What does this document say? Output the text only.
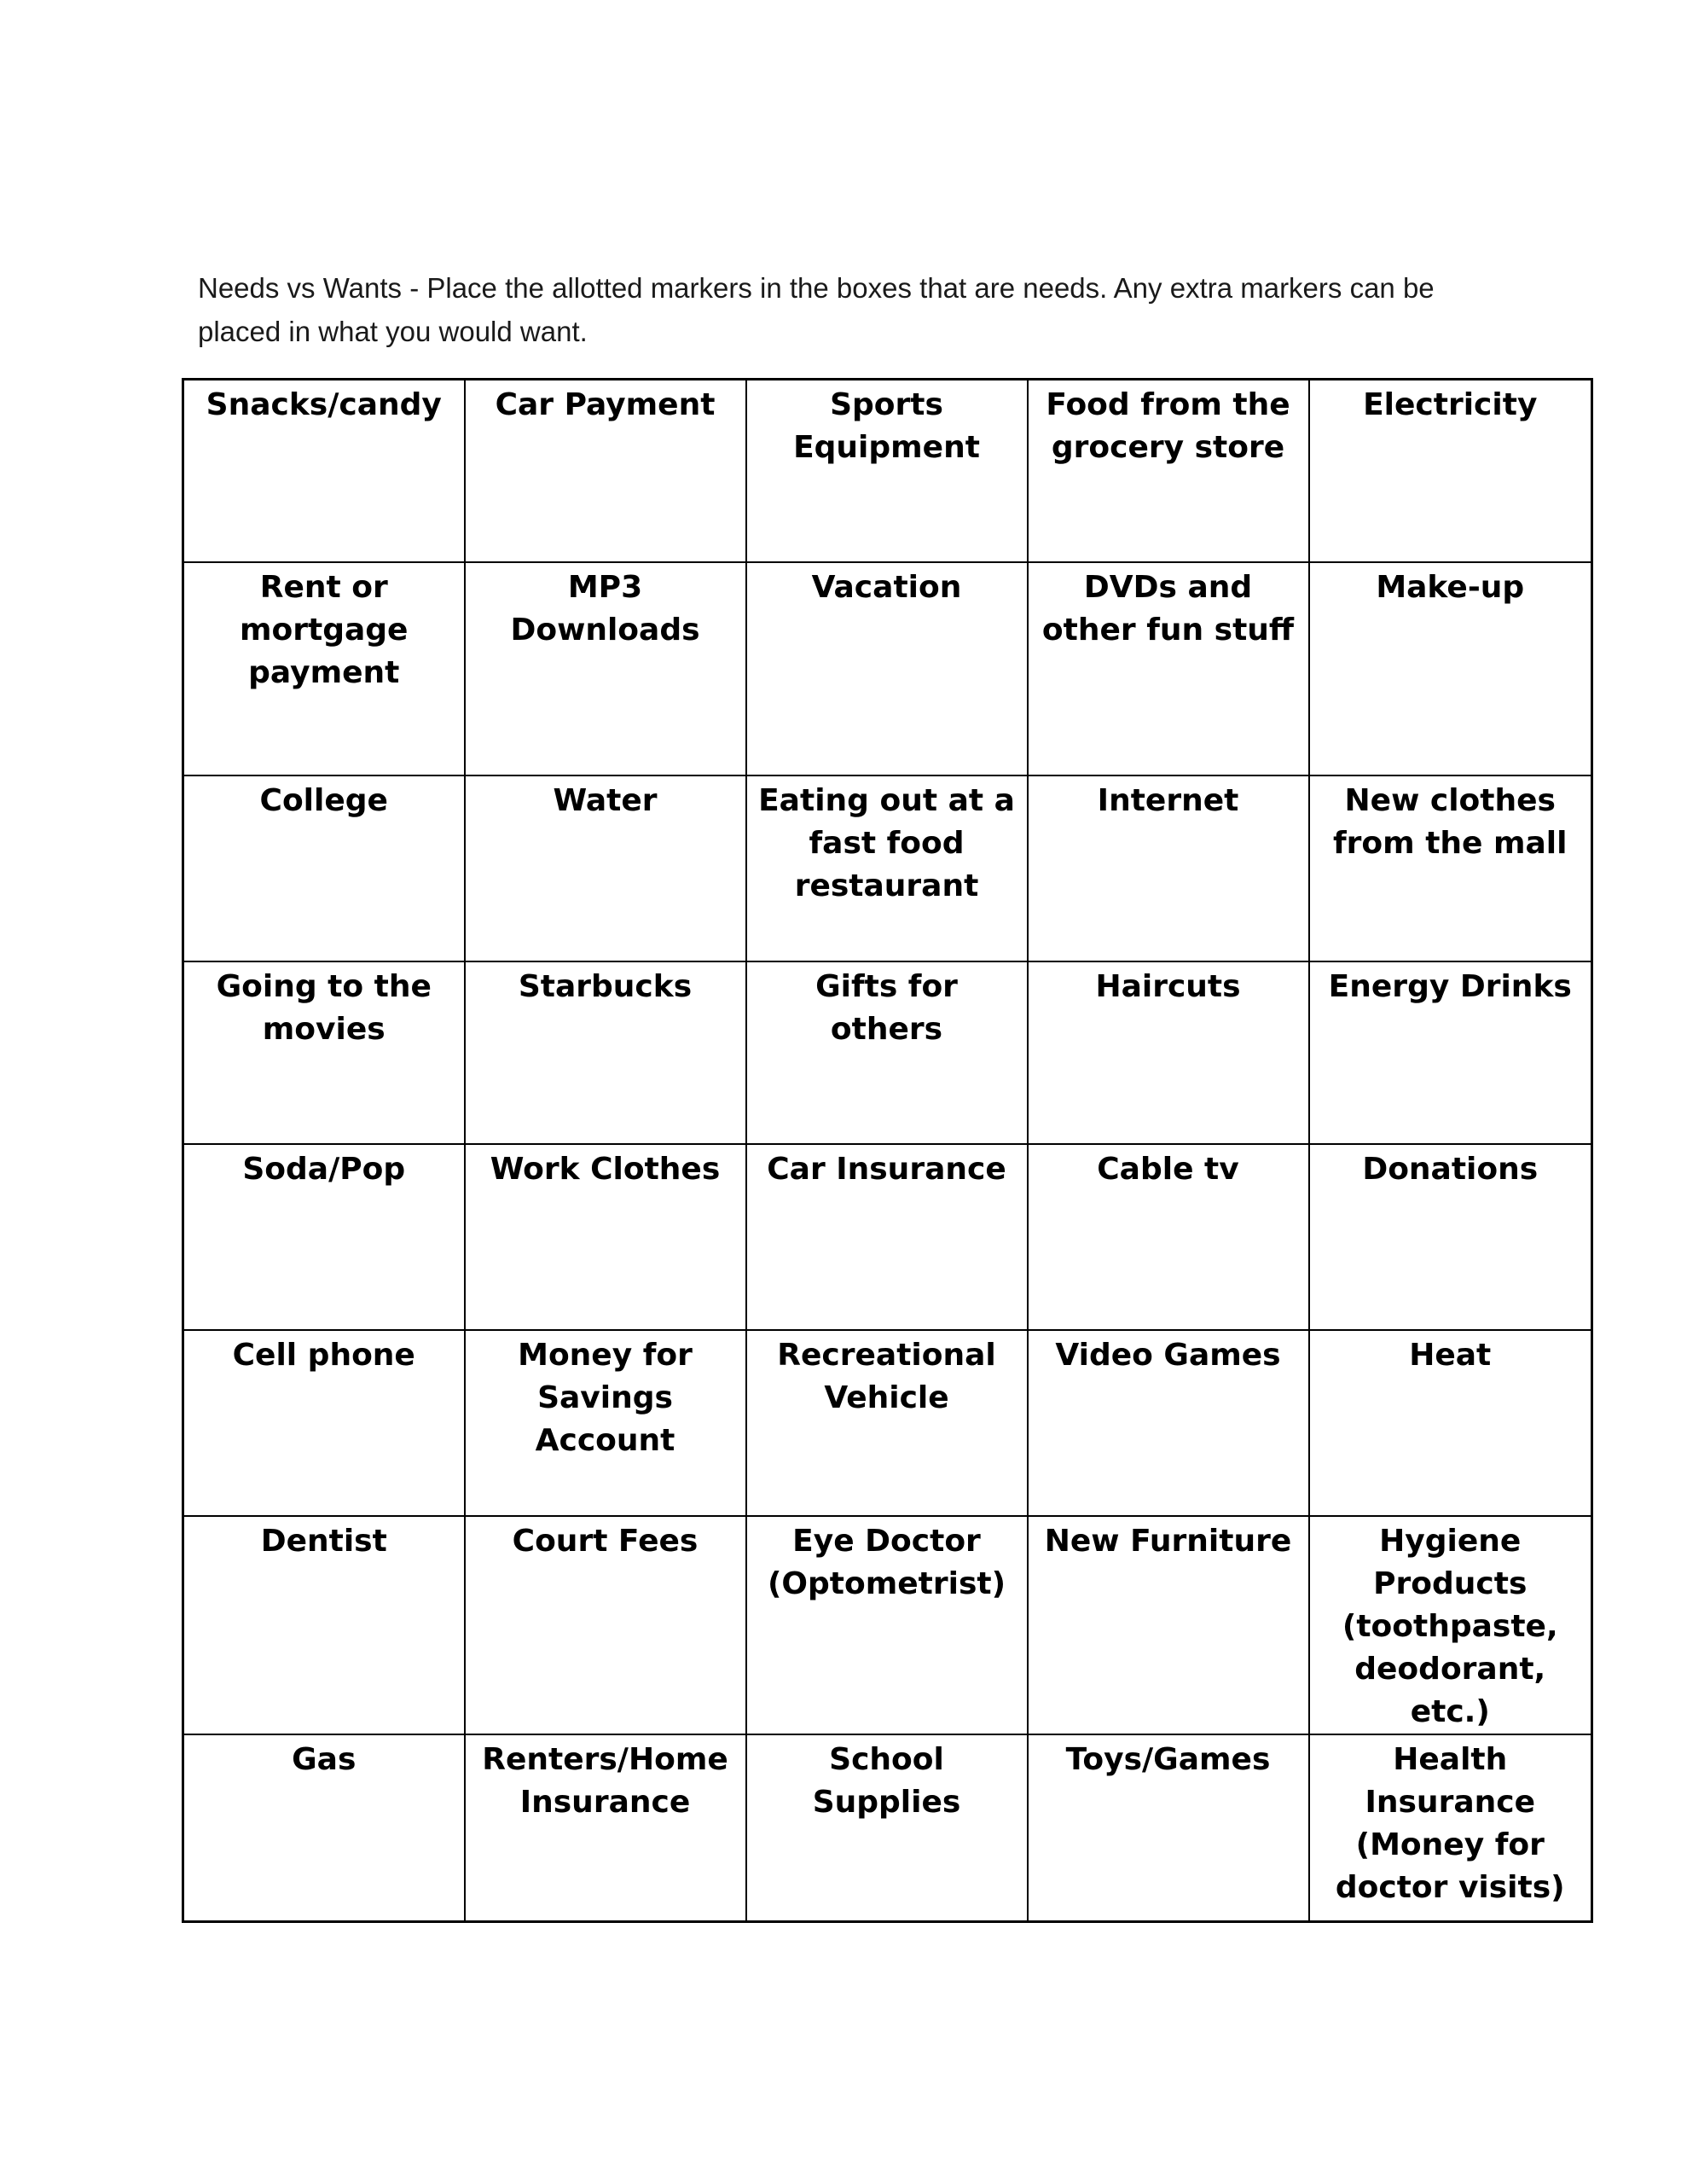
Needs vs Wants - Place the allotted markers in the boxes that are needs. Any extra markers can be placed in what you would want.
Snacks/candy	Car Payment	Sports Equipment	Food from the grocery store	Electricity
Rent or mortgage payment	MP3 Downloads	Vacation	DVDs and other fun stuff	Make-up
College	Water	Eating out at a fast food restaurant	Internet	New clothes from the mall
Going to the movies	Starbucks	Gifts for others	Haircuts	Energy Drinks
Soda/Pop	Work Clothes	Car Insurance	Cable tv	Donations
Cell phone	Money for Savings Account	Recreational Vehicle	Video Games	Heat
Dentist	Court Fees	Eye Doctor (Optometrist)	New Furniture	Hygiene Products (toothpaste, deodorant, etc.)
Gas	Renters/Home Insurance	School Supplies	Toys/Games	Health Insurance (Money for doctor visits)
